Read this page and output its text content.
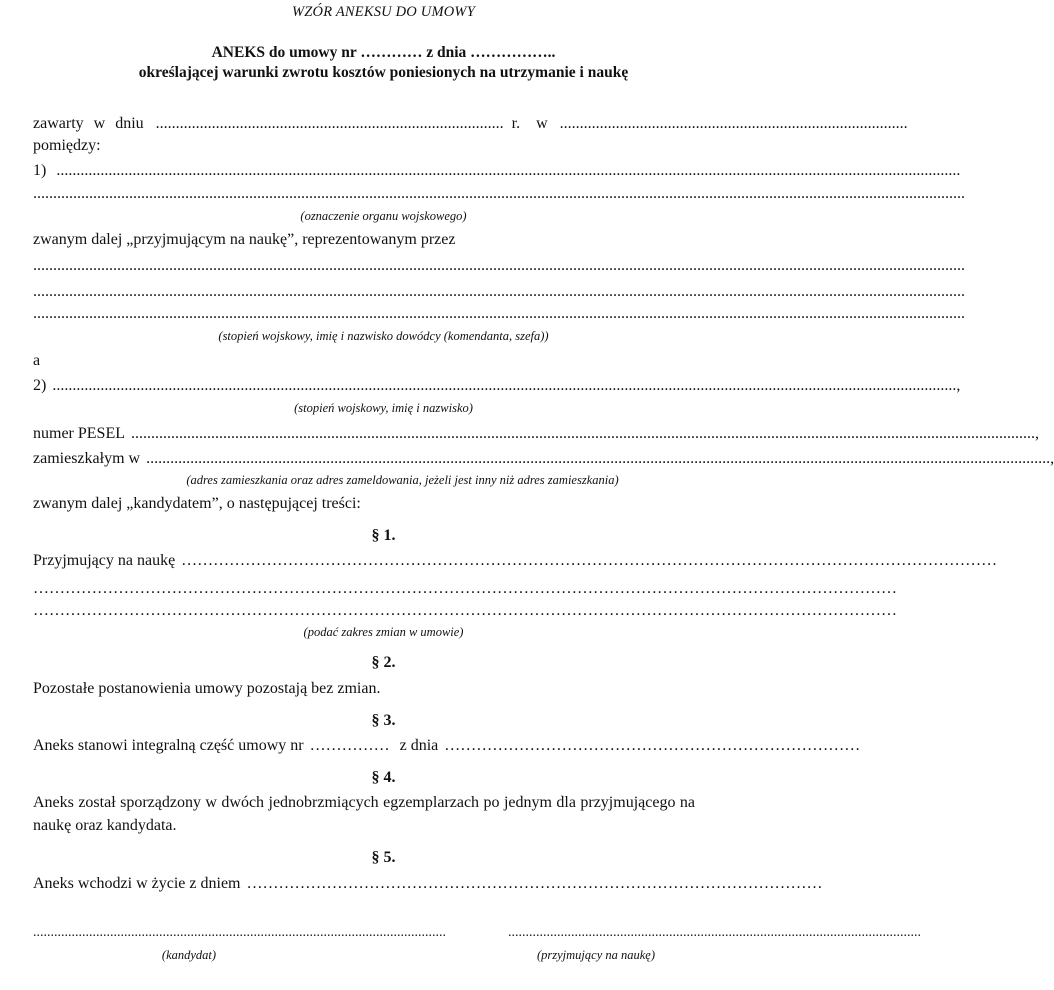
WZÓR ANEKSU DO UMOWY
ANEKS do umowy nr ………… z dnia ……………..
określającej warunki zwrotu kosztów poniesionych na utrzymanie i naukę
zawarty w dniu ....................................................................................... r. w .......................................................................................
pomiędzy:
1) ..................................................................................................................................................................................................................................
.........................................................................................................................................................................................................................................
(oznaczenie organu wojskowego)
zwanym dalej „przyjmującym na naukę”, reprezentowanym przez
.........................................................................................................................................................................................................................................
.........................................................................................................................................................................................................................................
.........................................................................................................................................................................................................................................
(stopień wojskowy, imię i nazwisko dowódcy (komendanta, szefa))
a
2) .................................................................................................................................................................................................................................. ,
(stopień wojskowy, imię i nazwisko)
numer PESEL .................................................................................................................................................................................................................................. ,
zamieszkałym w .................................................................................................................................................................................................................................. ,
(adres zamieszkania oraz adres zameldowania, jeżeli jest inny niż adres zamieszkania)
zwanym dalej „kandydatem”, o następującej treści:
§ 1.
Przyjmujący na naukę ………………………………………………………………………………………………………………………………………
………………………………………………………………………………………………………………………………………………
………………………………………………………………………………………………………………………………………………
(podać zakres zmian w umowie)
§ 2.
Pozostałe postanowienia umowy pozostają bez zmian.
§ 3.
Aneks stanowi integralną część umowy nr …………… z dnia ……………………………………………………………………
§ 4.
Aneks został sporządzony w dwóch jednobrzmiących egzemplarzach po jednym dla przyjmującego na naukę oraz kandydata.
§ 5.
Aneks wchodzi w życie z dniem ………………………………………………………………………………………………
......................................................................................................................	......................................................................................................................
(kandydat)	(przyjmujący na naukę)
